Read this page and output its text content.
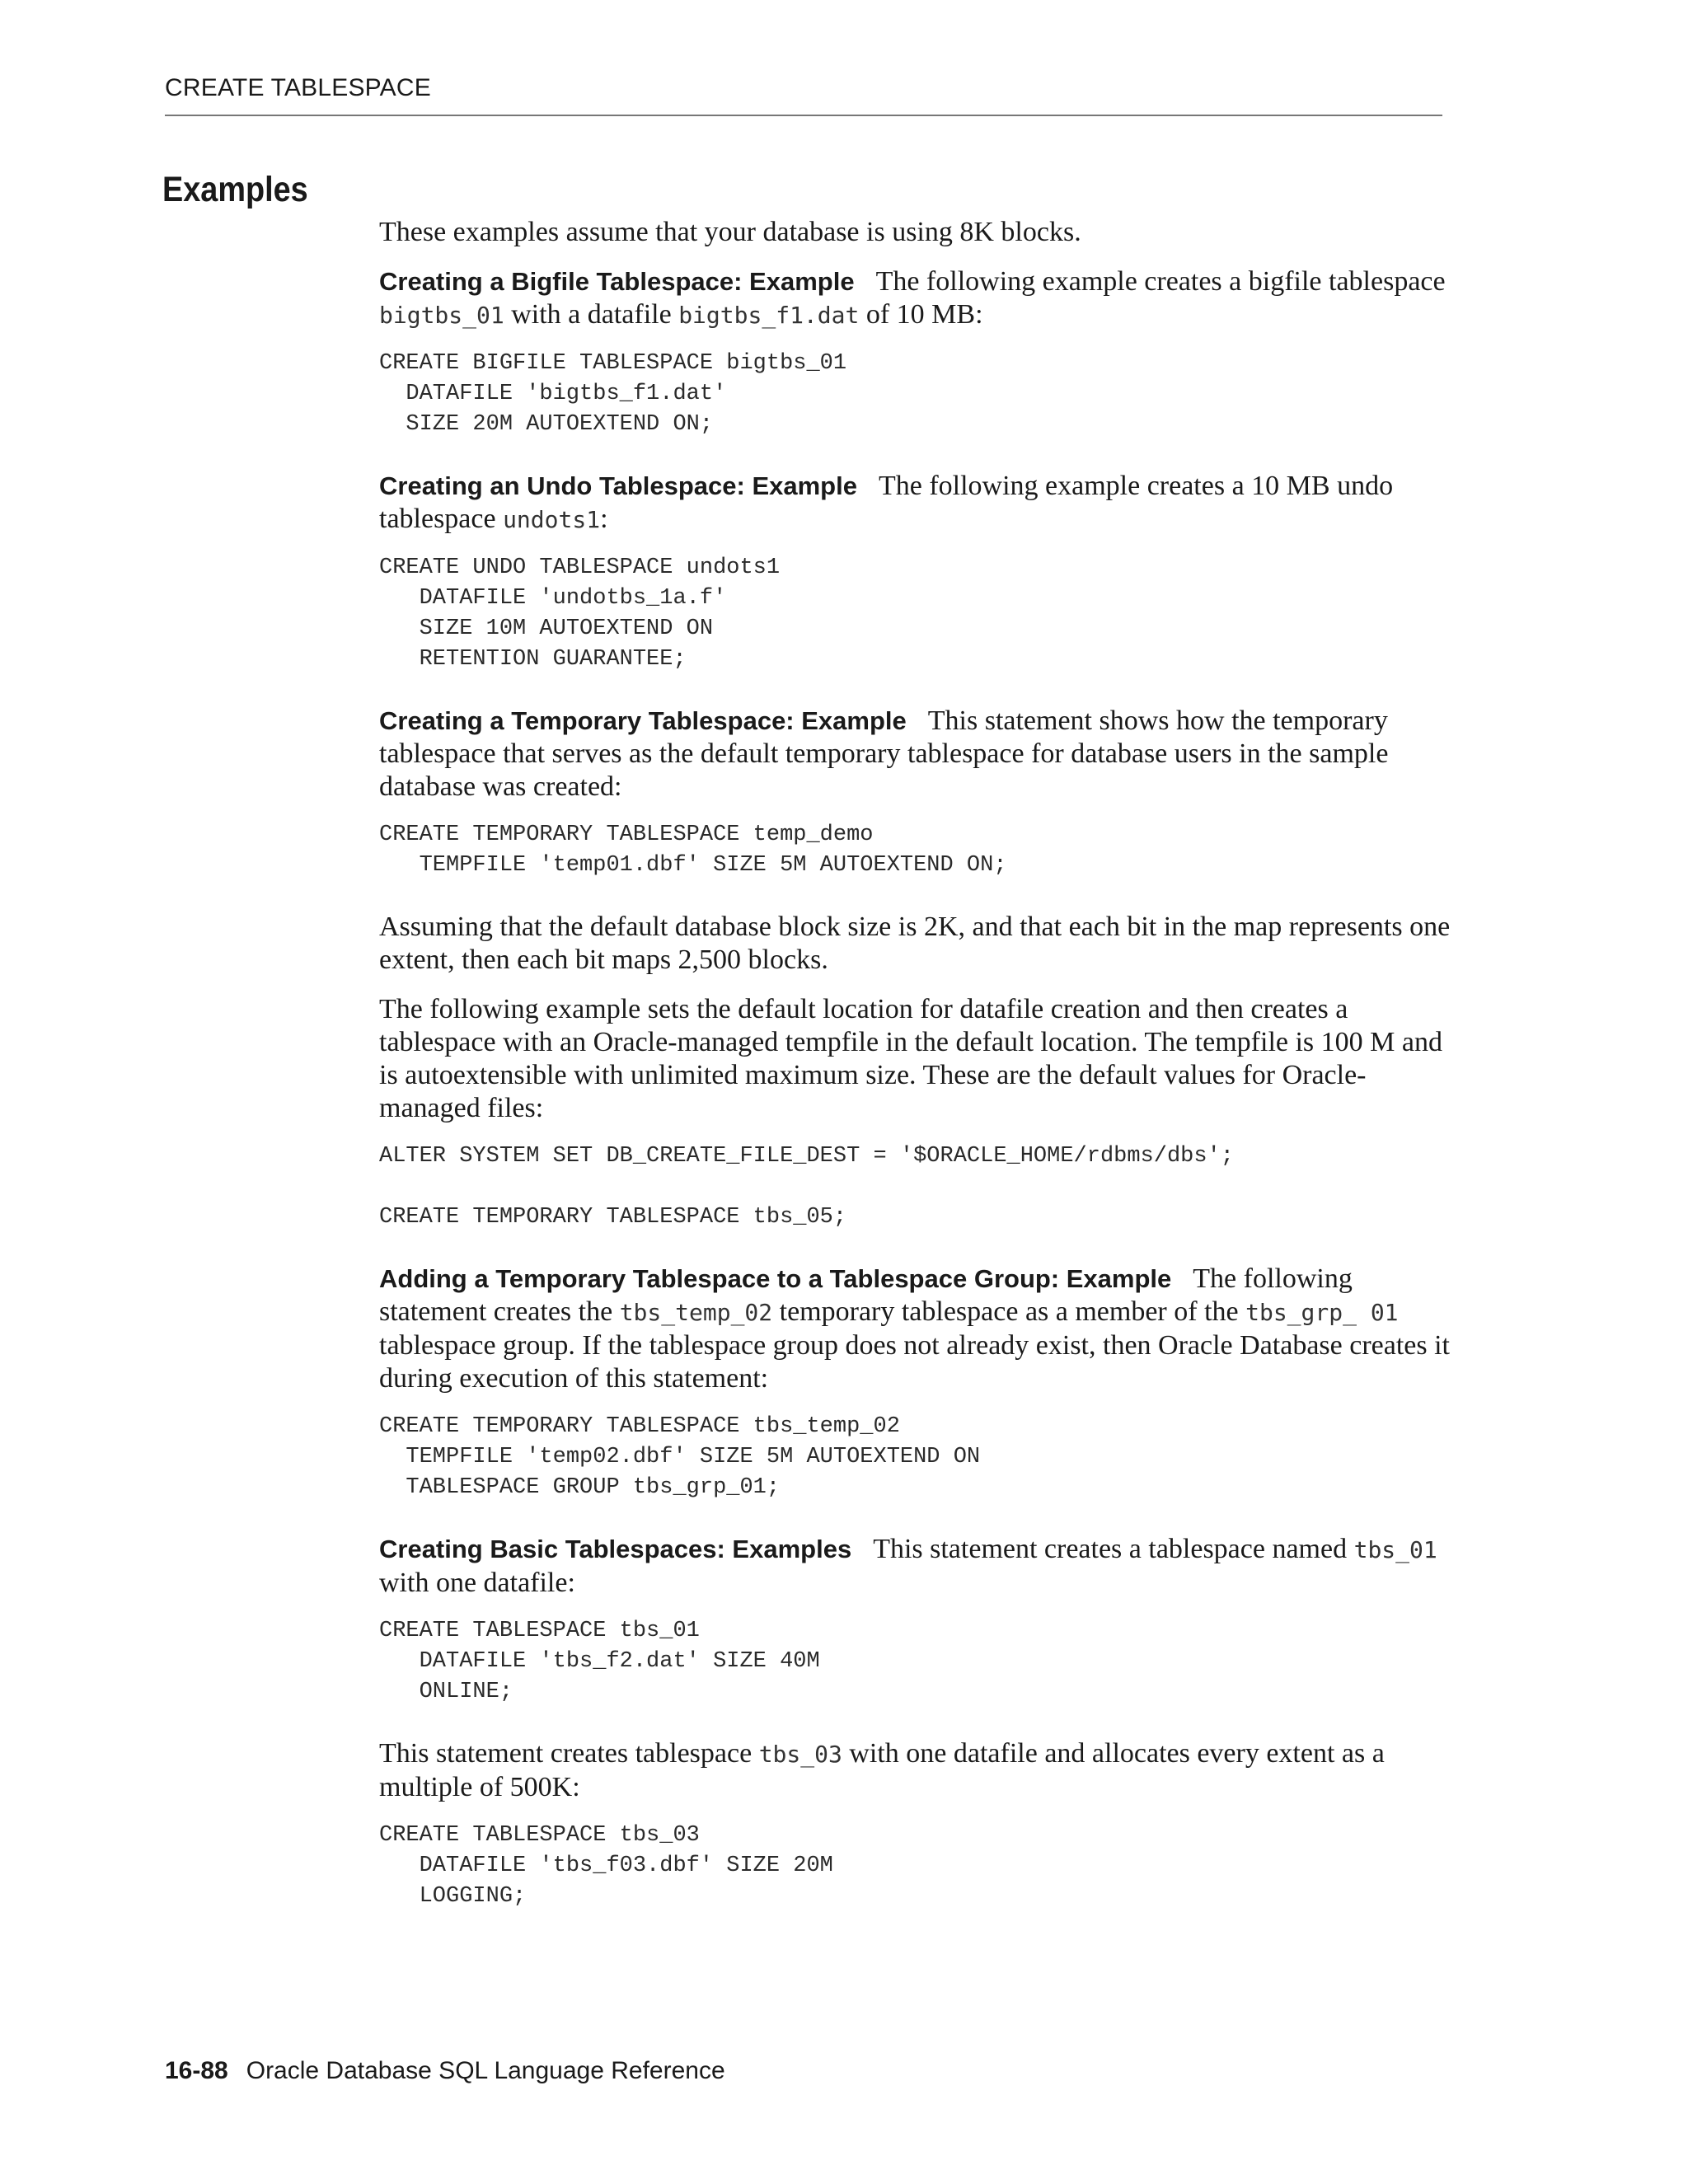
CREATE TABLESPACE
Examples

These examples assume that your database is using 8K blocks.

Creating a Bigfile Tablespace: Example The following example creates a bigfile tablespace bigtbs_01 with a datafile bigtbs_f1.dat of 10 MB:

CREATE BIGFILE TABLESPACE bigtbs_01
DATAFILE 'bigtbs_f1.dat'
SIZE 20M AUTOEXTEND ON;

Creating an Undo Tablespace: Example The following example creates a 10 MB undo tablespace undots1:

CREATE UNDO TABLESPACE undots1
DATAFILE 'undotbs_1a.f'
SIZE 10M AUTOEXTEND ON
RETENTION GUARANTEE;

Creating a Temporary Tablespace: Example This statement shows how the temporary tablespace that serves as the default temporary tablespace for database users in the sample database was created:

CREATE TEMPORARY TABLESPACE temp_demo
TEMPFILE 'temp01.dbf' SIZE 5M AUTOEXTEND ON;

Assuming that the default database block size is 2K, and that each bit in the map represents one extent, then each bit maps 2,500 blocks.

The following example sets the default location for datafile creation and then creates a tablespace with an Oracle-managed tempfile in the default location. The tempfile is 100 M and is autoextensible with unlimited maximum size. These are the default values for Oracle-managed files:

ALTER SYSTEM SET DB_CREATE_FILE_DEST = '$ORACLE_HOME/rdbms/dbs';

CREATE TEMPORARY TABLESPACE tbs_05;

Adding a Temporary Tablespace to a Tablespace Group: Example The following statement creates the tbs_temp_02 temporary tablespace as a member of the tbs_grp_ 01 tablespace group. If the tablespace group does not already exist, then Oracle Database creates it during execution of this statement:

CREATE TEMPORARY TABLESPACE tbs_temp_02
TEMPFILE 'temp02.dbf' SIZE 5M AUTOEXTEND ON
TABLESPACE GROUP tbs_grp_01;

Creating Basic Tablespaces: Examples This statement creates a tablespace named tbs_01 with one datafile:

CREATE TABLESPACE tbs_01
DATAFILE 'tbs_f2.dat' SIZE 40M
ONLINE;

This statement creates tablespace tbs_03 with one datafile and allocates every extent as a multiple of 500K:

CREATE TABLESPACE tbs_03
DATAFILE 'tbs_f03.dbf' SIZE 20M
LOGGING;
16-88 Oracle Database SQL Language Reference
